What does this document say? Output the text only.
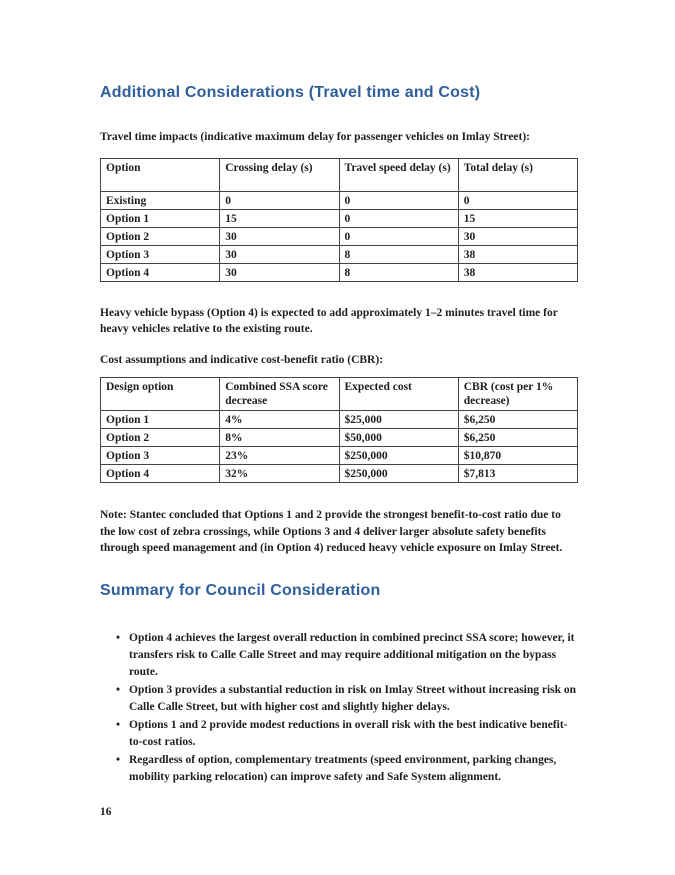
Additional Considerations (Travel time and Cost)

Travel time impacts (indicative maximum delay for passenger vehicles on Imlay Street):

Option	Crossing delay (s)	Travel speed delay (s)	Total delay (s)
Existing	0	0	0
Option 1	15	0	15
Option 2	30	0	30
Option 3	30	8	38
Option 4	30	8	38

Heavy vehicle bypass (Option 4) is expected to add approximately 1–2 minutes travel time for heavy vehicles relative to the existing route.

Cost assumptions and indicative cost-benefit ratio (CBR):

Design option	Combined SSA score decrease	Expected cost	CBR (cost per 1% decrease)
Option 1	4%	$25,000	$6,250
Option 2	8%	$50,000	$6,250
Option 3	23%	$250,000	$10,870
Option 4	32%	$250,000	$7,813

Note: Stantec concluded that Options 1 and 2 provide the strongest benefit-to-cost ratio due to the low cost of zebra crossings, while Options 3 and 4 deliver larger absolute safety benefits through speed management and (in Option 4) reduced heavy vehicle exposure on Imlay Street.

Summary for Council Consideration
• Option 4 achieves the largest overall reduction in combined precinct SSA score; however, it transfers risk to Calle Calle Street and may require additional mitigation on the bypass route.
• Option 3 provides a substantial reduction in risk on Imlay Street without increasing risk on Calle Calle Street, but with higher cost and slightly higher delays.
• Options 1 and 2 provide modest reductions in overall risk with the best indicative benefit-to-cost ratios.
• Regardless of option, complementary treatments (speed environment, parking changes, mobility parking relocation) can improve safety and Safe System alignment.
16
